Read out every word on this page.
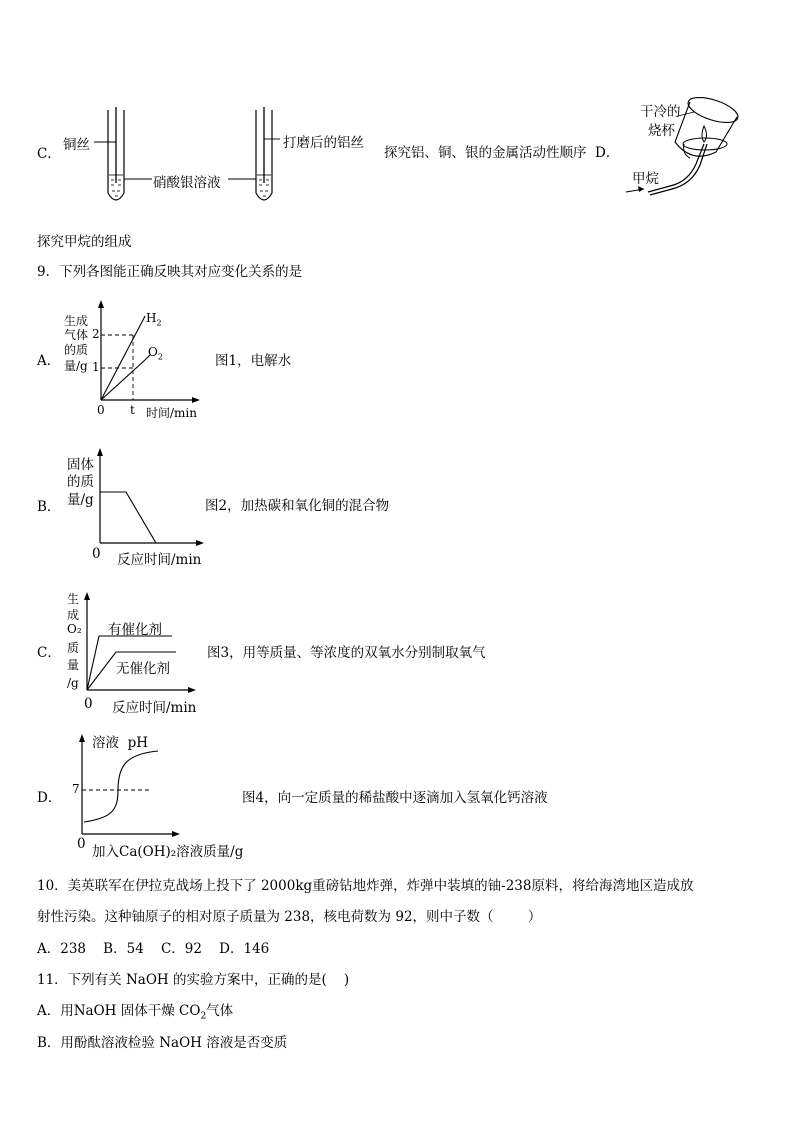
C．
铜丝	打磨后的铝丝
硝酸银溶液
探究铝、铜、银的金属活动性顺序 D．
干冷的
烧杯
甲烷
探究甲烷的组成
9．下列各图能正确反映其对应变化关系的是
A．
生成
气体
的质
量/g
2
1
0 t 时间/min
$H_2$
$O_2$	图1，电解水
B．
固体
的质
量/g
0 反应时间/min
图2，加热碳和氧化铜的混合物
C．
生
成
O₂
质
量
/g
有催化剂
无催化剂
0 反应时间/min
图3，用等质量、等浓度的双氧水分别制取氧气
D．
溶液  pH
7
0 加入Ca(OH)₂溶液质量/g
图4，向一定质量的稀盐酸中逐滴加入氢氧化钙溶液
10．美英联军在伊拉克战场上投下了 2000kg重磅钻地炸弹，炸弹中装填的铀-238原料，将给海湾地区造成放
射性污染。这种铀原子的相对原子质量为 238，核电荷数为 92，则中子数（        ）
A．238    B．54    C．92    D．146
11．下列有关 NaOH 的实验方案中，正确的是(    )
A．用NaOH 固体干燥 $CO_2$气体
B．用酚酞溶液检验 NaOH 溶液是否变质
